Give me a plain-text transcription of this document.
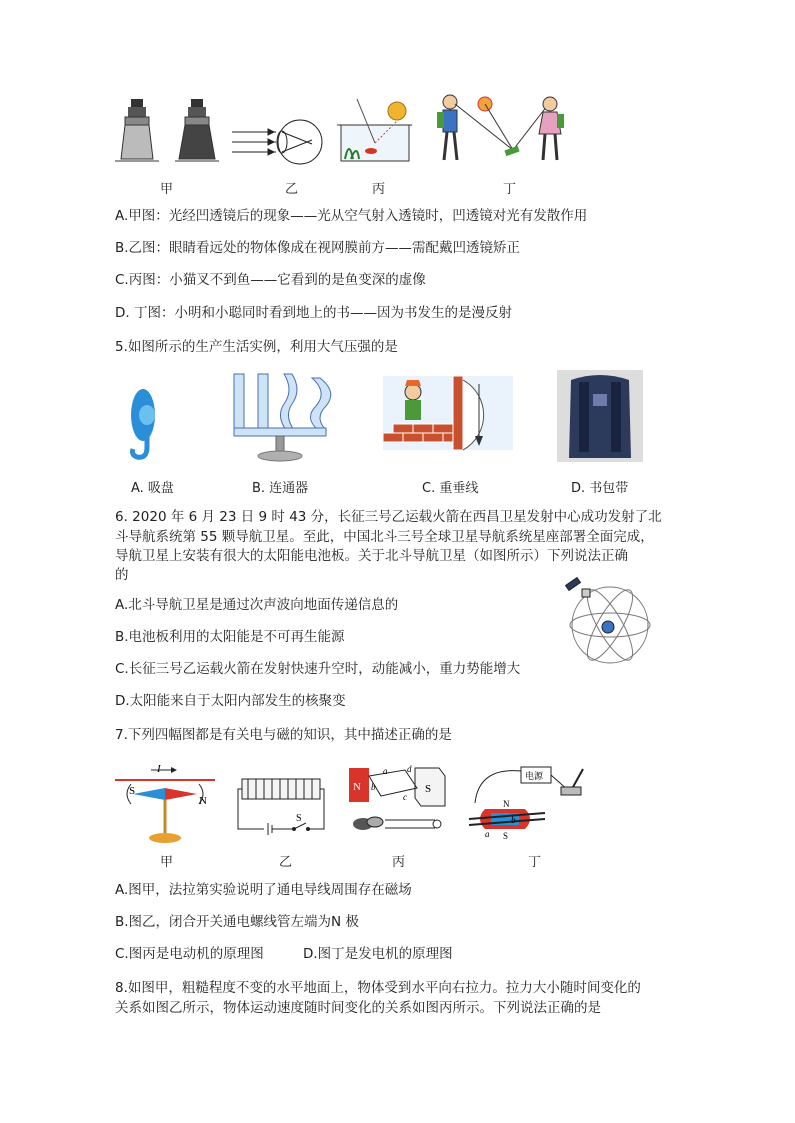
甲	乙	丙	丁
A.甲图：光经凹透镜后的现象——光从空气射入透镜时，凹透镜对光有发散作用
B.乙图：眼睛看远处的物体像成在视网膜前方——需配戴凹透镜矫正
C.丙图：小猫叉不到鱼——它看到的是鱼变深的虚像
D. 丁图：小明和小聪同时看到地上的书——因为书发生的是漫反射
5.如图所示的生产生活实例，利用大气压强的是
A. 吸盘	B. 连通器	C. 重垂线	D. 书包带
6. 2020 年 6 月 23 日 9 时 43 分，长征三号乙运载火箭在西昌卫星发射中心成功发射了北
斗导航系统第 55 颗导航卫星。至此，中国北斗三号全球卫星导航系统星座部署全面完成，
导航卫星上安装有很大的太阳能电池板。关于北斗导航卫星（如图所示）下列说法正确
的
A.北斗导航卫星是通过次声波向地面传递信息的
B.电池板利用的太阳能是不可再生能源
C.长征三号乙运载火箭在发射快速升空时，动能减小，重力势能增大
D.太阳能来自于太阳内部发生的核聚变
7.下列四幅图都是有关电与磁的知识，其中描述正确的是
I
S
N
S
N	S
a
b
c
d
电源
N
S
a
b
甲	乙	丙	丁
A.图甲，法拉第实验说明了通电导线周围存在磁场
B.图乙，闭合开关通电螺线管左端为N 极
C.图丙是电动机的原理图	D.图丁是发电机的原理图
8.如图甲，粗糙程度不变的水平地面上，物体受到水平向右拉力。拉力大小随时间变化的
关系如图乙所示，物体运动速度随时间变化的关系如图丙所示。下列说法正确的是
